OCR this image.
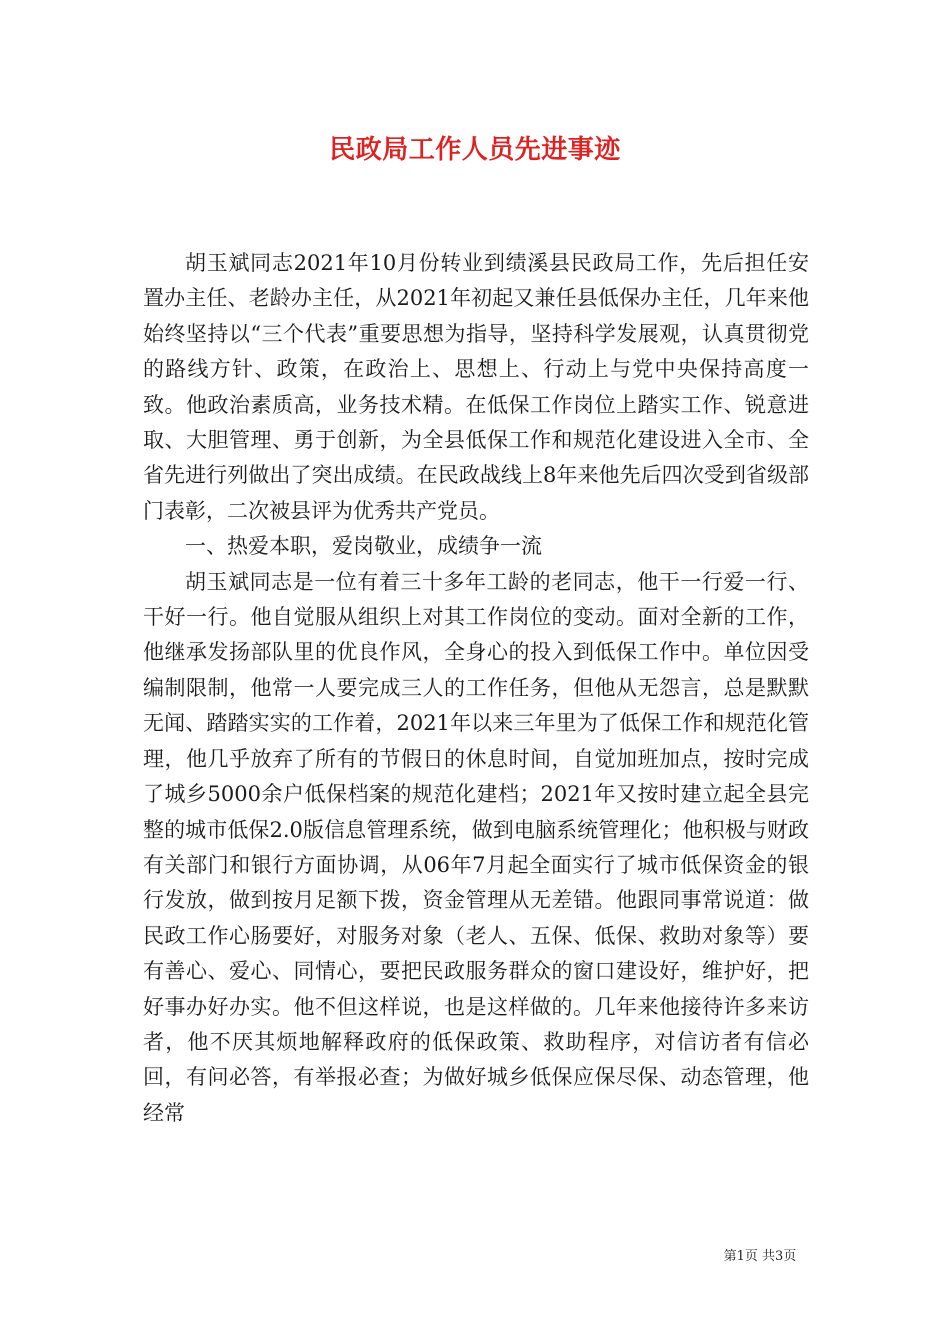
民政局工作人员先进事迹

胡玉斌同志2021年10月份转业到绩溪县民政局工作，先后担任安置办主任、老龄办主任，从2021年初起又兼任县低保办主任，几年来他始终坚持以“三个代表”重要思想为指导，坚持科学发展观，认真贯彻党的路线方针、政策，在政治上、思想上、行动上与党中央保持高度一致。他政治素质高，业务技术精。在低保工作岗位上踏实工作、锐意进取、大胆管理、勇于创新，为全县低保工作和规范化建设进入全市、全省先进行列做出了突出成绩。在民政战线上8年来他先后四次受到省级部门表彰，二次被县评为优秀共产党员。

一、热爱本职，爱岗敬业，成绩争一流

胡玉斌同志是一位有着三十多年工龄的老同志，他干一行爱一行、干好一行。他自觉服从组织上对其工作岗位的变动。面对全新的工作，他继承发扬部队里的优良作风，全身心的投入到低保工作中。单位因受编制限制，他常一人要完成三人的工作任务，但他从无怨言，总是默默无闻、踏踏实实的工作着，2021年以来三年里为了低保工作和规范化管理，他几乎放弃了所有的节假日的休息时间，自觉加班加点，按时完成了城乡5000余户低保档案的规范化建档；2021年又按时建立起全县完整的城市低保2.0版信息管理系统，做到电脑系统管理化；他积极与财政有关部门和银行方面协调，从06年7月起全面实行了城市低保资金的银行发放，做到按月足额下拨，资金管理从无差错。他跟同事常说道：做民政工作心肠要好，对服务对象（老人、五保、低保、救助对象等）要有善心、爱心、同情心，要把民政服务群众的窗口建设好，维护好，把好事办好办实。他不但这样说，也是这样做的。几年来他接待许多来访者，他不厌其烦地解释政府的低保政策、救助程序，对信访者有信必回，有问必答，有举报必查；为做好城乡低保应保尽保、动态管理，他经常

第1页 共3页
